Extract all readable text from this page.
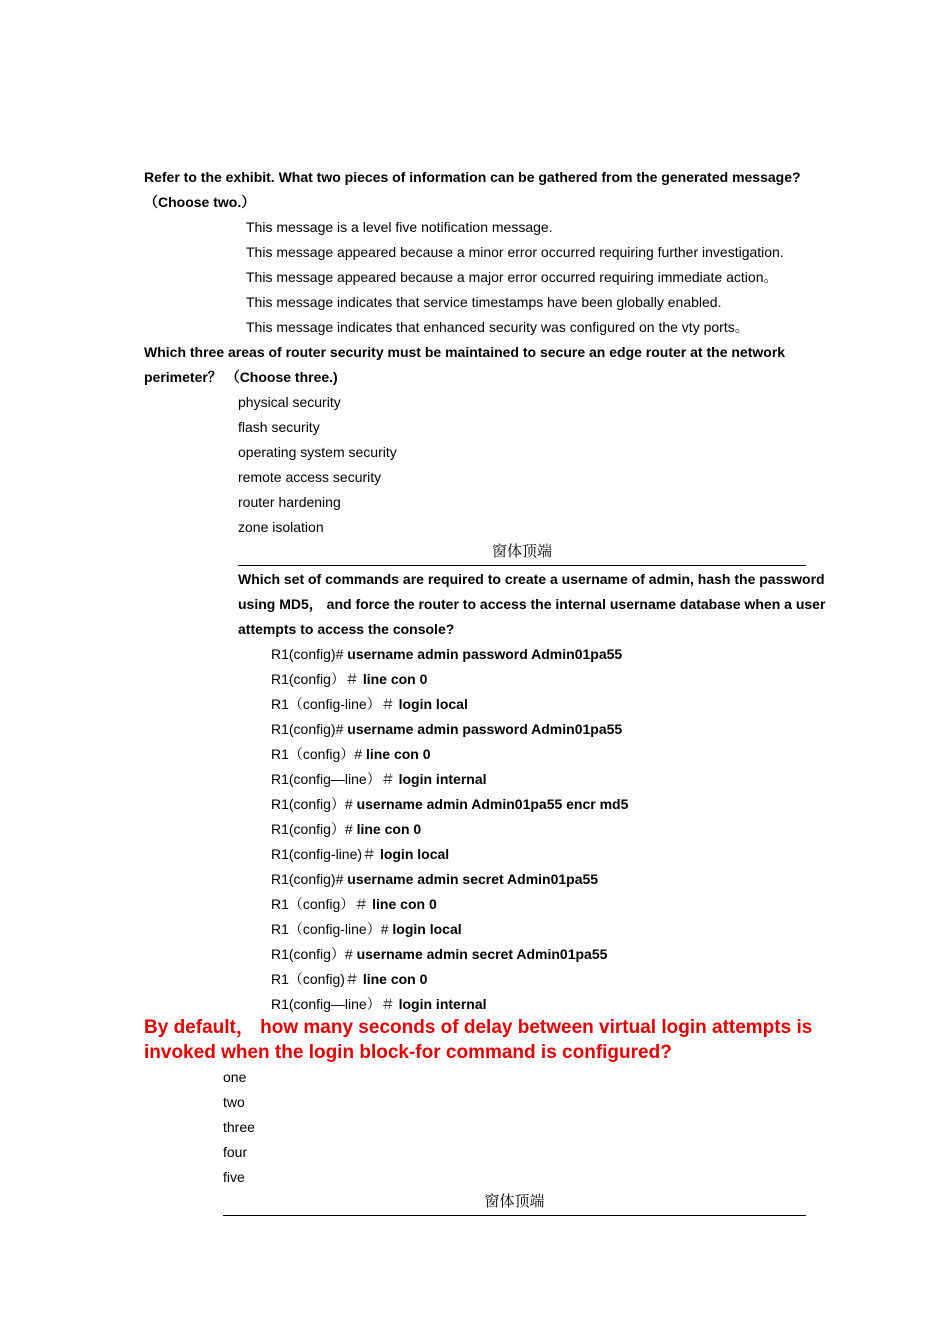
Refer to the exhibit. What two pieces of information can be gathered from the generated message?
（Choose two.）
This message is a level five notification message.
This message appeared because a minor error occurred requiring further investigation.
This message appeared because a major error occurred requiring immediate action。
This message indicates that service timestamps have been globally enabled.
This message indicates that enhanced security was configured on the vty ports。
Which three areas of router security must be maintained to secure an edge router at the network
perimeter？ （Choose three.)
physical security
flash security
operating system security
remote access security
router hardening
zone isolation
窗体顶端
Which set of commands are required to create a username of admin, hash the password
using MD5， and force the router to access the internal username database when a user
attempts to access the console?
R1(config)# username admin password Admin01pa55
R1(config）＃ line con 0
R1（config-line）＃ login local
R1(config)# username admin password Admin01pa55
R1（config）# line con 0
R1(config—line）＃ login internal
R1(config）# username admin Admin01pa55 encr md5
R1(config）# line con 0
R1(config-line)＃ login local
R1(config)# username admin secret Admin01pa55
R1（config）＃ line con 0
R1（config-line）# login local
R1(config）# username admin secret Admin01pa55
R1（config)＃ line con 0
R1(config—line）＃ login internal
By default， how many seconds of delay between virtual login attempts is
invoked when the login block-for command is configured?
one
two
three
four
five
窗体顶端
